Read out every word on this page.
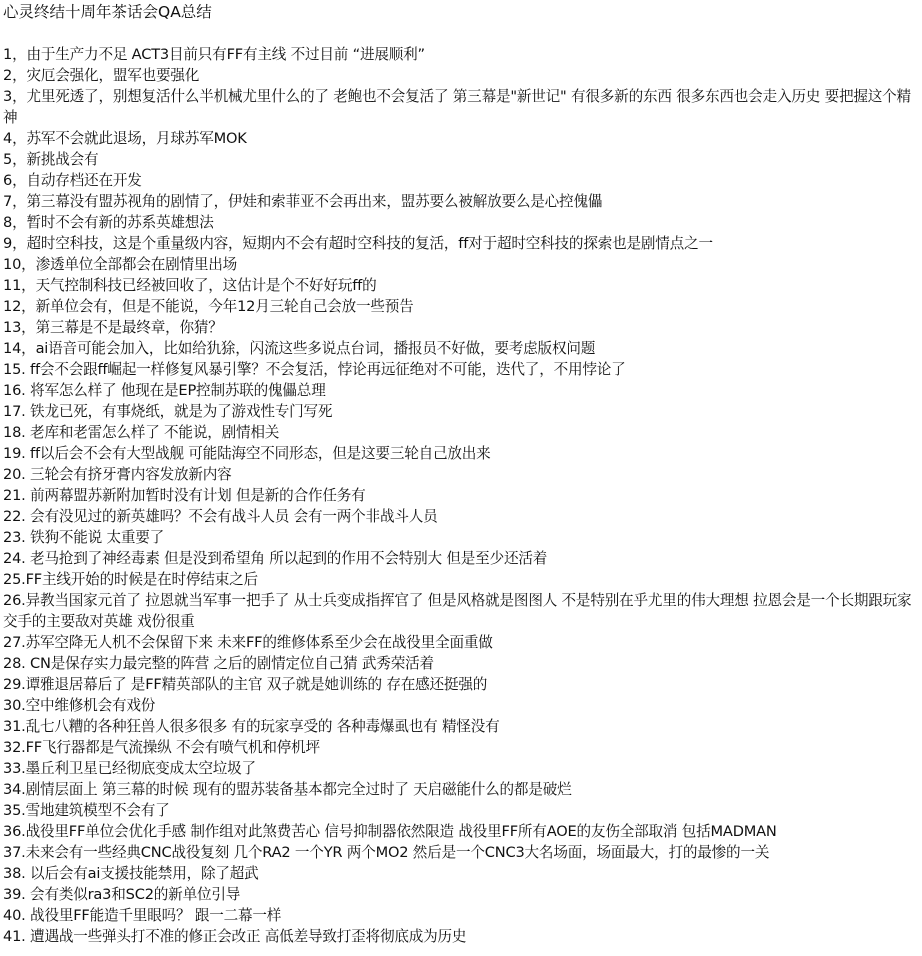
心灵终结十周年茶话会QA总结
1，由于生产力不足 ACT3目前只有FF有主线 不过目前 “进展顺利”
2，灾厄会强化，盟军也要强化
3，尤里死透了，别想复活什么半机械尤里什么的了 老鲍也不会复活了 第三幕是"新世记" 有很多新的东西 很多东西也会走入历史 要把握这个精神
4，苏军不会就此退场，月球苏军MOK
5，新挑战会有
6，自动存档还在开发
7，第三幕没有盟苏视角的剧情了，伊娃和索菲亚不会再出来，盟苏要么被解放要么是心控傀儡
8，暂时不会有新的苏系英雄想法
9，超时空科技，这是个重量级内容，短期内不会有超时空科技的复活，ff对于超时空科技的探索也是剧情点之一
10，渗透单位全部都会在剧情里出场
11，天气控制科技已经被回收了，这估计是个不好好玩ff的
12，新单位会有，但是不能说，今年12月三轮自己会放一些预告
13，第三幕是不是最终章，你猜？
14，ai语音可能会加入，比如给犰狳，闪流这些多说点台词，播报员不好做，要考虑版权问题
15. ff会不会跟ff崛起一样修复风暴引擎？不会复活，悖论再远征绝对不可能，迭代了，不用悖论了
16. 将军怎么样了 他现在是EP控制苏联的傀儡总理
17. 铁龙已死，有事烧纸，就是为了游戏性专门写死
18. 老库和老雷怎么样了 不能说，剧情相关
19. ff以后会不会有大型战舰 可能陆海空不同形态，但是这要三轮自己放出来
20. 三轮会有挤牙膏内容发放新内容
21. 前两幕盟苏新附加暂时没有计划 但是新的合作任务有
22. 会有没见过的新英雄吗？不会有战斗人员 会有一两个非战斗人员
23. 铁狗不能说 太重要了
24. 老马抢到了神经毒素 但是没到希望角 所以起到的作用不会特别大 但是至少还活着
25.FF主线开始的时候是在时停结束之后
26.异教当国家元首了 拉恩就当军事一把手了 从士兵变成指挥官了 但是风格就是图图人 不是特别在乎尤里的伟大理想 拉恩会是一个长期跟玩家交手的主要敌对英雄 戏份很重
27.苏军空降无人机不会保留下来 未来FF的维修体系至少会在战役里全面重做
28. CN是保存实力最完整的阵营 之后的剧情定位自己猜 武秀荣活着
29.谭雅退居幕后了 是FF精英部队的主官 双子就是她训练的 存在感还挺强的
30.空中维修机会有戏份
31.乱七八糟的各种狂兽人很多很多 有的玩家享受的 各种毒爆虱也有 精怪没有
32.FF飞行器都是气流操纵 不会有喷气机和停机坪
33.墨丘利卫星已经彻底变成太空垃圾了
34.剧情层面上 第三幕的时候 现有的盟苏装备基本都完全过时了 天启磁能什么的都是破烂
35.雪地建筑模型不会有了
36.战役里FF单位会优化手感 制作组对此煞费苦心 信号抑制器依然限造 战役里FF所有AOE的友伤全部取消 包括MADMAN
37.未来会有一些经典CNC战役复刻 几个RA2 一个YR 两个MO2 然后是一个CNC3大名场面，场面最大，打的最惨的一关
38. 以后会有ai支援技能禁用，除了超武
39. 会有类似ra3和SC2的新单位引导
40. 战役里FF能造千里眼吗？ 跟一二幕一样
41. 遭遇战一些弹头打不准的修正会改正 高低差导致打歪将彻底成为历史
